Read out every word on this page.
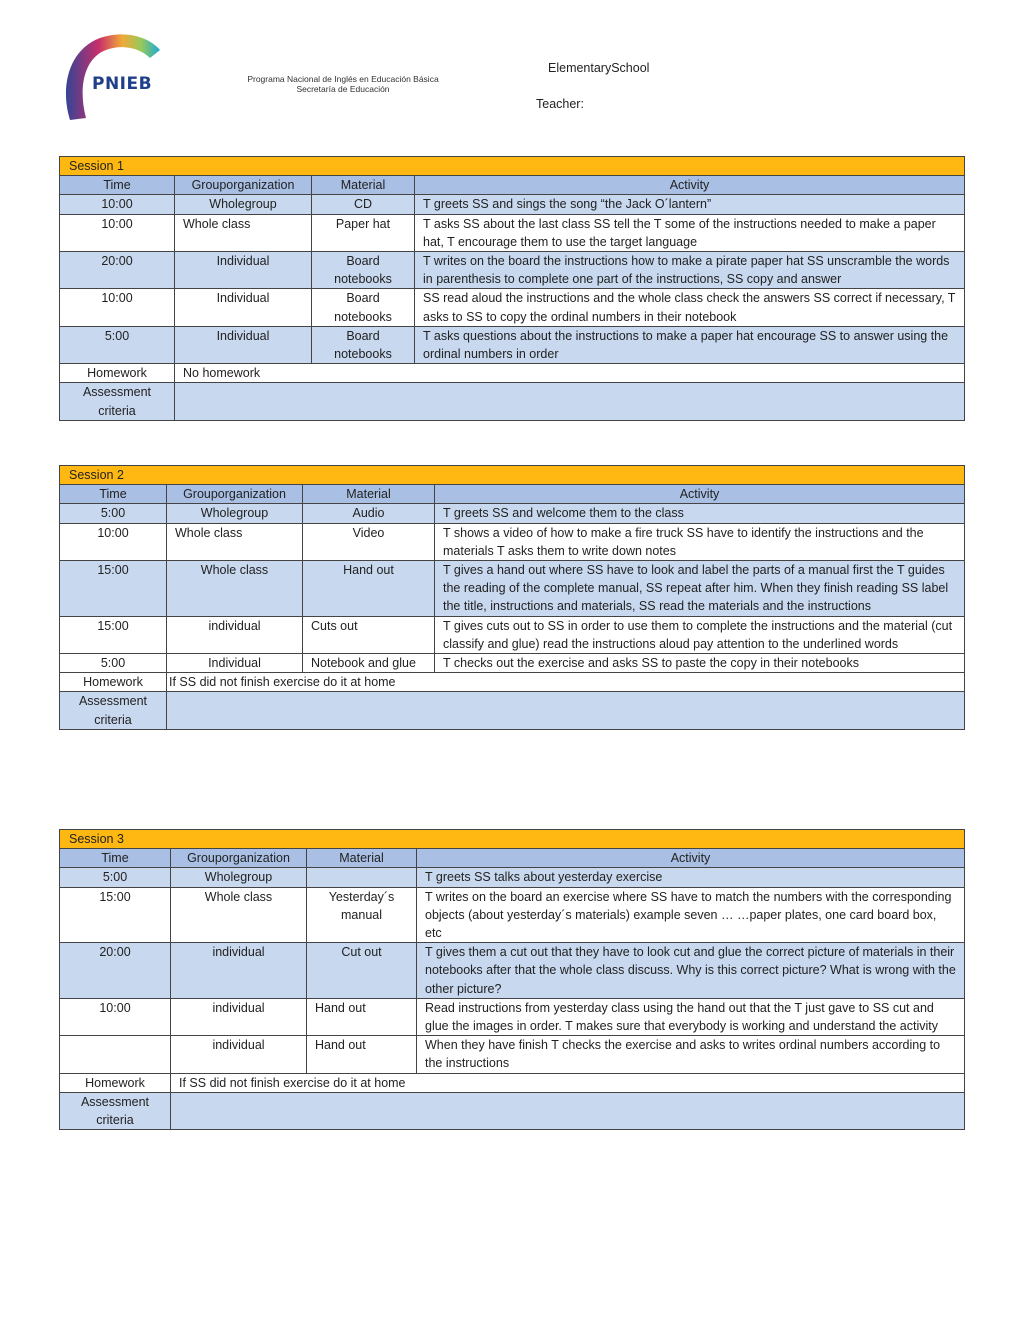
PNIEB	Programa Nacional de Inglés en Educación Básica
Secretaría de Educación
ElementarySchool
Teacher:
Session 1			
Time	Grouporganization	Material	Activity
10:00	Wholegroup	CD	T greets SS and sings the song “the Jack O´lantern”
10:00	Whole class	Paper hat	T asks SS about the last class SS tell the T some of the instructions needed to make a paper hat, T encourage them to use the target language
20:00	Individual	Board notebooks	T writes on the board the instructions how to make a pirate paper hat SS unscramble the words in parenthesis to complete one part of the instructions, SS copy and answer
10:00	Individual	Board notebooks	SS read aloud the instructions and the whole class check the answers SS correct if necessary, T asks to SS to copy the ordinal numbers in their notebook
5:00	Individual	Board notebooks	T asks questions about the instructions to make a paper hat encourage SS to answer using the ordinal numbers in order
Homework	No homework		
Assessment criteria			
Session 2			
Time	Grouporganization	Material	Activity
5:00	Wholegroup	Audio	T greets SS and welcome them to the class
10:00	Whole class	Video	T shows a video of how to make a fire truck SS have to identify the instructions and the materials T asks them to write down notes
15:00	Whole class	Hand out	T gives a hand out where SS have to look and label the parts of a manual first the T guides the reading of the complete manual, SS repeat after him. When they finish reading SS label the title, instructions and materials, SS read the materials and the instructions
15:00	individual	Cuts out	T gives cuts out to SS in order to use them to complete the instructions and the material (cut classify and glue) read the instructions aloud pay attention to the underlined words
5:00	Individual	Notebook and glue	T checks out the exercise and asks SS to paste the copy in their notebooks
Homework	If SS did not finish exercise do it at home		
Assessment criteria			
Session 3			
Time	Grouporganization	Material	Activity
5:00	Wholegroup		T greets SS talks about yesterday exercise
15:00	Whole class	Yesterday´s manual	T writes on the board an exercise where SS have to match the numbers with the corresponding objects (about yesterday´s materials) example seven … …paper plates, one card board box, etc
20:00	individual	Cut out	T gives them a cut out that they have to look cut and glue the correct picture of materials in their notebooks after that the whole class discuss. Why is this correct picture? What is wrong with the other picture?
10:00	individual	Hand out	Read instructions from yesterday class using the hand out that the T just gave to SS cut and glue the images in order. T makes sure that everybody is working and understand the activity
	individual	Hand out	When they have finish T checks the exercise and asks to writes ordinal numbers according to the instructions
Homework	If SS did not finish exercise do it at home		
Assessment criteria			
